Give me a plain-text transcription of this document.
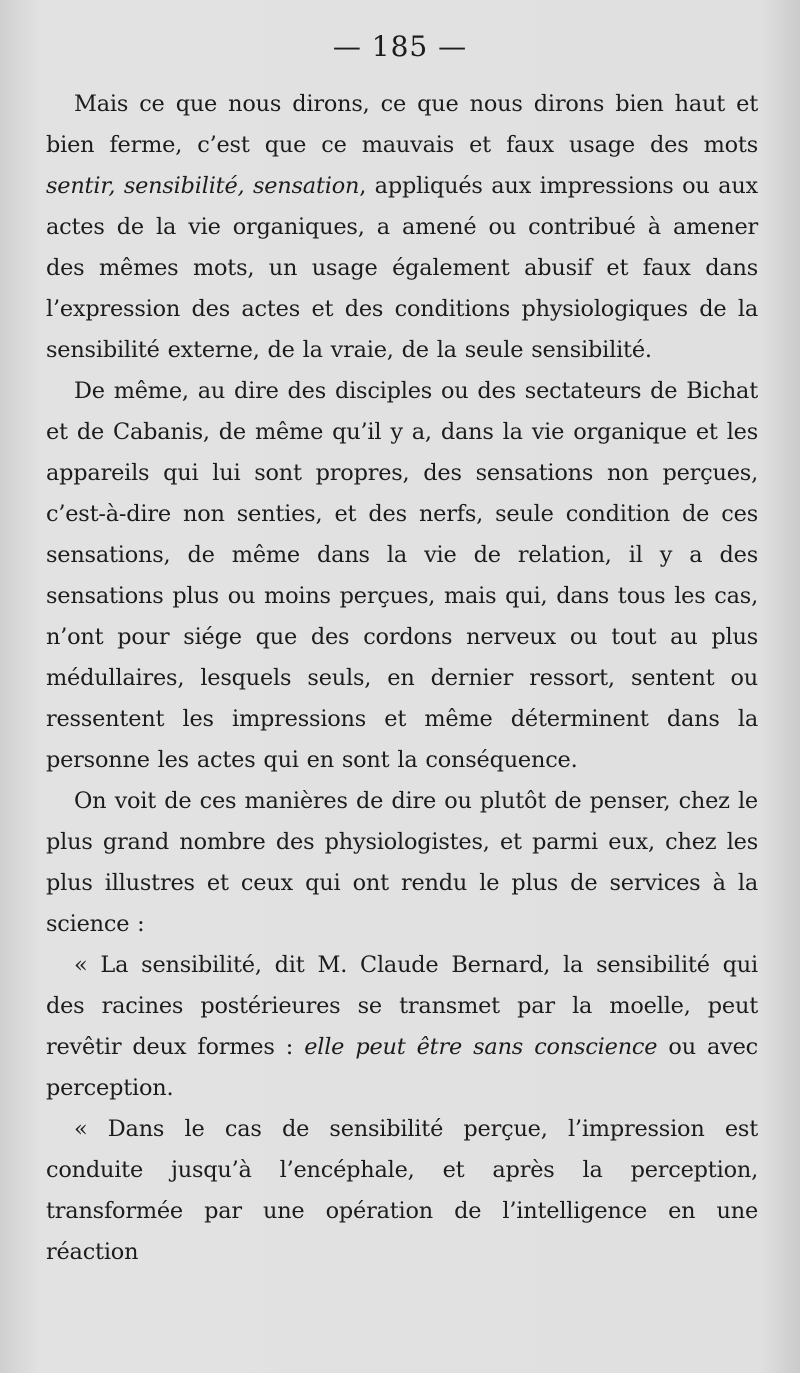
— 185 —

Mais ce que nous dirons, ce que nous dirons bien haut et bien ferme, c’est que ce mauvais et faux usage des mots sentir, sensibilité, sensation, appliqués aux impressions ou aux actes de la vie organiques, a amené ou contribué à amener des mêmes mots, un usage également abusif et faux dans l’expression des actes et des conditions physiologiques de la sensibilité externe, de la vraie, de la seule sensibilité.

De même, au dire des disciples ou des sectateurs de Bichat et de Cabanis, de même qu’il y a, dans la vie organique et les appareils qui lui sont propres, des sensations non perçues, c’est-à-dire non senties, et des nerfs, seule condition de ces sensations, de même dans la vie de relation, il y a des sensations plus ou moins perçues, mais qui, dans tous les cas, n’ont pour siége que des cordons nerveux ou tout au plus médullaires, lesquels seuls, en dernier ressort, sentent ou ressentent les impressions et même déterminent dans la personne les actes qui en sont la conséquence.

On voit de ces manières de dire ou plutôt de penser, chez le plus grand nombre des physiologistes, et parmi eux, chez les plus illustres et ceux qui ont rendu le plus de services à la science :

« La sensibilité, dit M. Claude Bernard, la sensibilité qui des racines postérieures se transmet par la moelle, peut revêtir deux formes : elle peut être sans conscience ou avec perception.

« Dans le cas de sensibilité perçue, l’impression est conduite jusqu’à l’encéphale, et après la perception, transformée par une opération de l’intelligence en une réaction
